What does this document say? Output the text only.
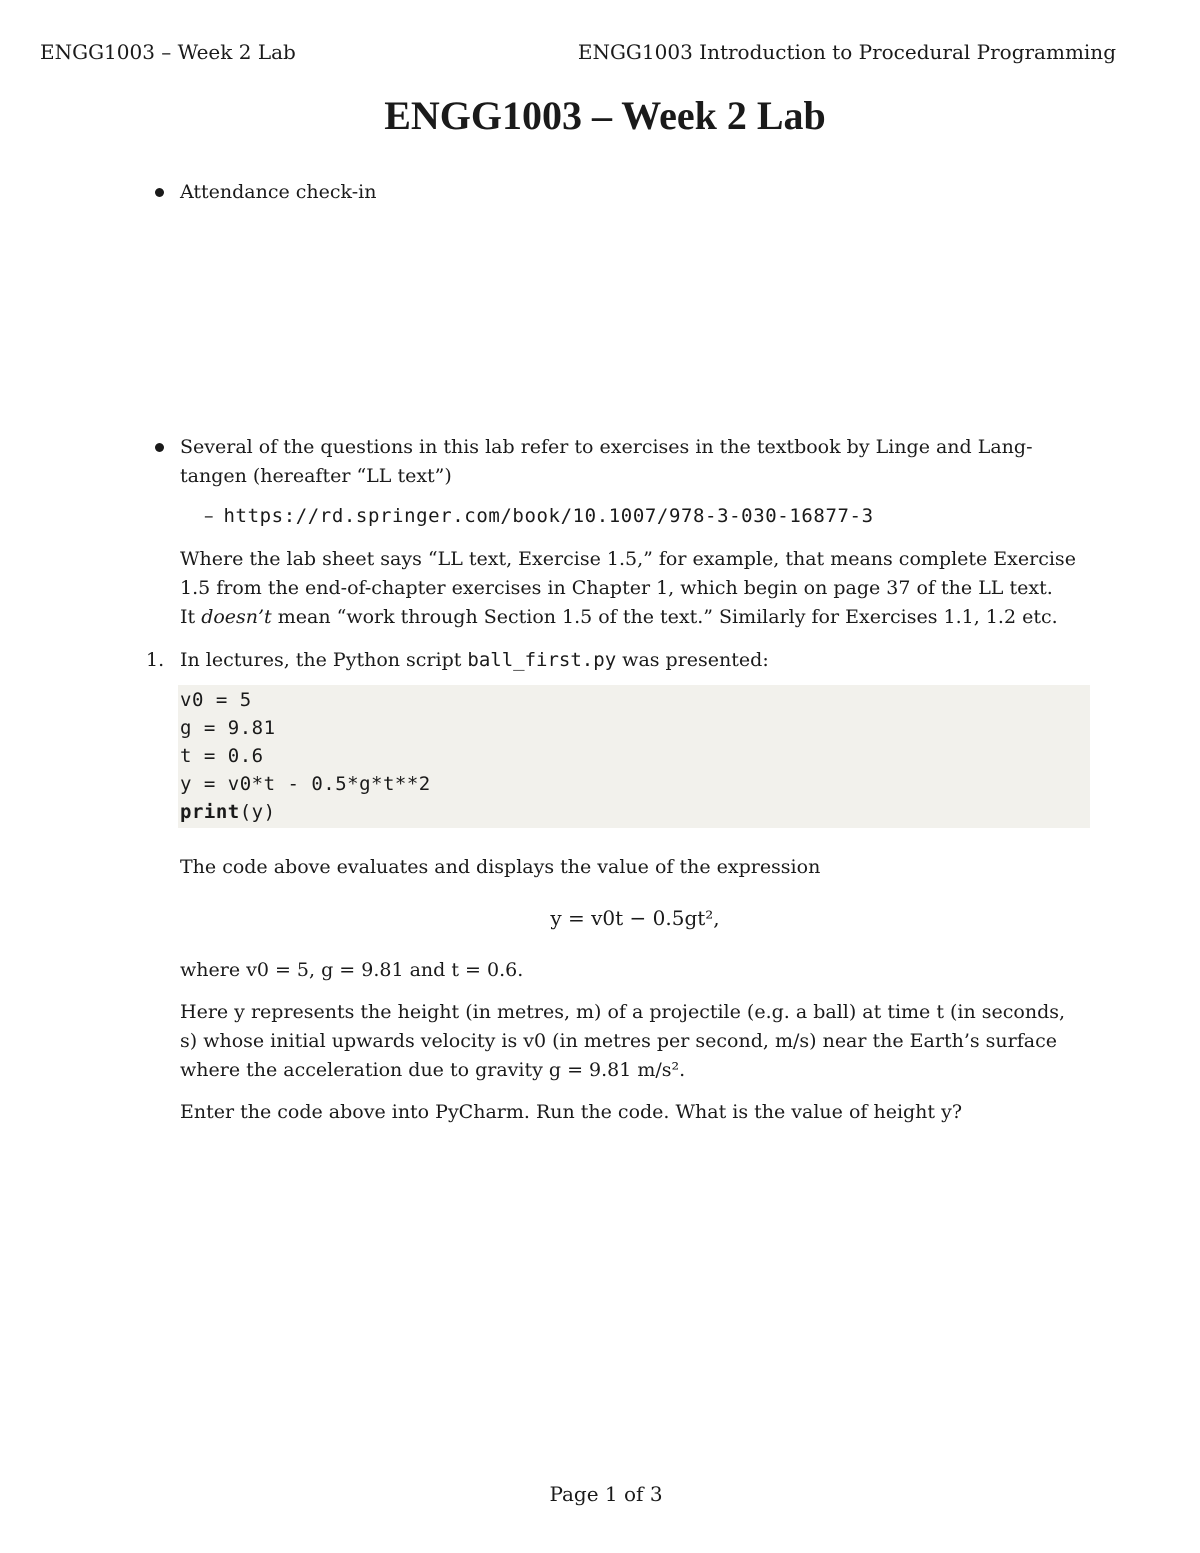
ENGG1003 – Week 2 Lab	ENGG1003 Introduction to Procedural Programming
ENGG1003 – Week 2 Lab
Attendance check-in
Several of the questions in this lab refer to exercises in the textbook by Linge and Lang-
tangen (hereafter “LL text”)
– https://rd.springer.com/book/10.1007/978-3-030-16877-3
Where the lab sheet says “LL text, Exercise 1.5,” for example, that means complete Exercise
1.5 from the end-of-chapter exercises in Chapter 1, which begin on page 37 of the LL text.
It doesn’t mean “work through Section 1.5 of the text.” Similarly for Exercises 1.1, 1.2 etc.
1. In lectures, the Python script ball_first.py was presented:
v0 = 5
g = 9.81
t = 0.6
y = v0*t - 0.5*g*t**2
print(y)
The code above evaluates and displays the value of the expression
y = v0t − 0.5gt²,
where v0 = 5, g = 9.81 and t = 0.6.
Here y represents the height (in metres, m) of a projectile (e.g. a ball) at time t (in seconds,
s) whose initial upwards velocity is v0 (in metres per second, m/s) near the Earth’s surface
where the acceleration due to gravity g = 9.81 m/s².
Enter the code above into PyCharm. Run the code. What is the value of height y?
Page 1 of 3
